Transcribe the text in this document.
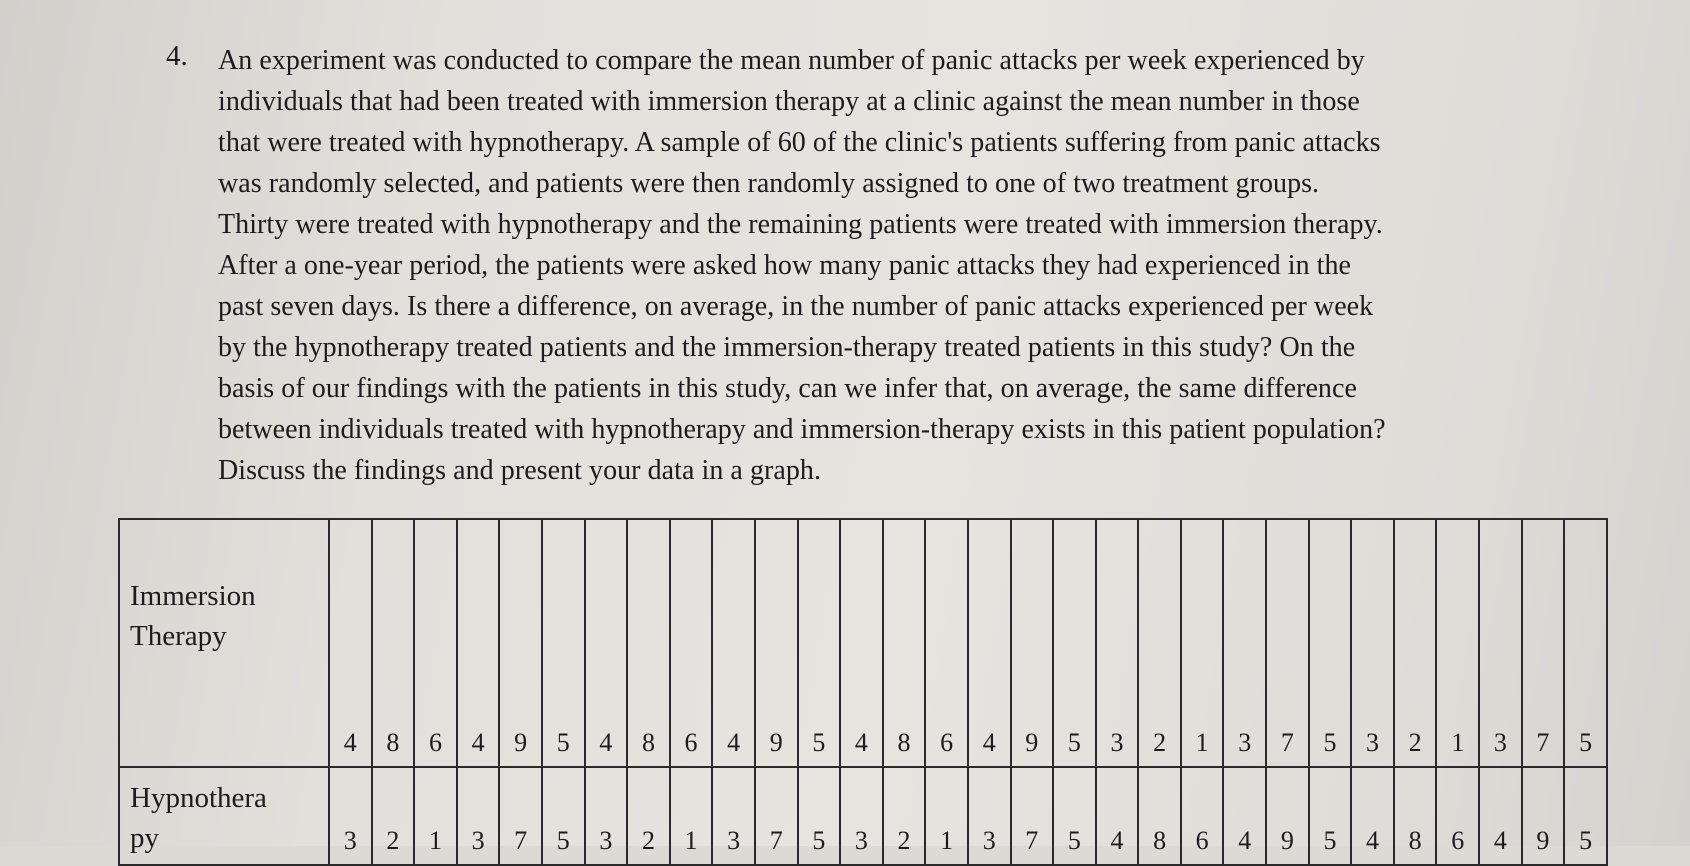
4. An experiment was conducted to compare the mean number of panic attacks per week experienced by
individuals that had been treated with immersion therapy at a clinic against the mean number in those
that were treated with hypnotherapy. A sample of 60 of the clinic's patients suffering from panic attacks
was randomly selected, and patients were then randomly assigned to one of two treatment groups.
Thirty were treated with hypnotherapy and the remaining patients were treated with immersion therapy.
After a one-year period, the patients were asked how many panic attacks they had experienced in the
past seven days. Is there a difference, on average, in the number of panic attacks experienced per week
by the hypnotherapy treated patients and the immersion-therapy treated patients in this study? On the
basis of our findings with the patients in this study, can we infer that, on average, the same difference
between individuals treated with hypnotherapy and immersion-therapy exists in this patient population?
Discuss the findings and present your data in a graph.
Immersion
Therapy	4	8	6	4	9	5	4	8	6	4	9	5	4	8	6	4	9	5	3	2	1	3	7	5	3	2	1	3	7	5

Hypnothera
py	3	2	1	3	7	5	3	2	1	3	7	5	3	2	1	3	7	5	4	8	6	4	9	5	4	8	6	4	9	5
